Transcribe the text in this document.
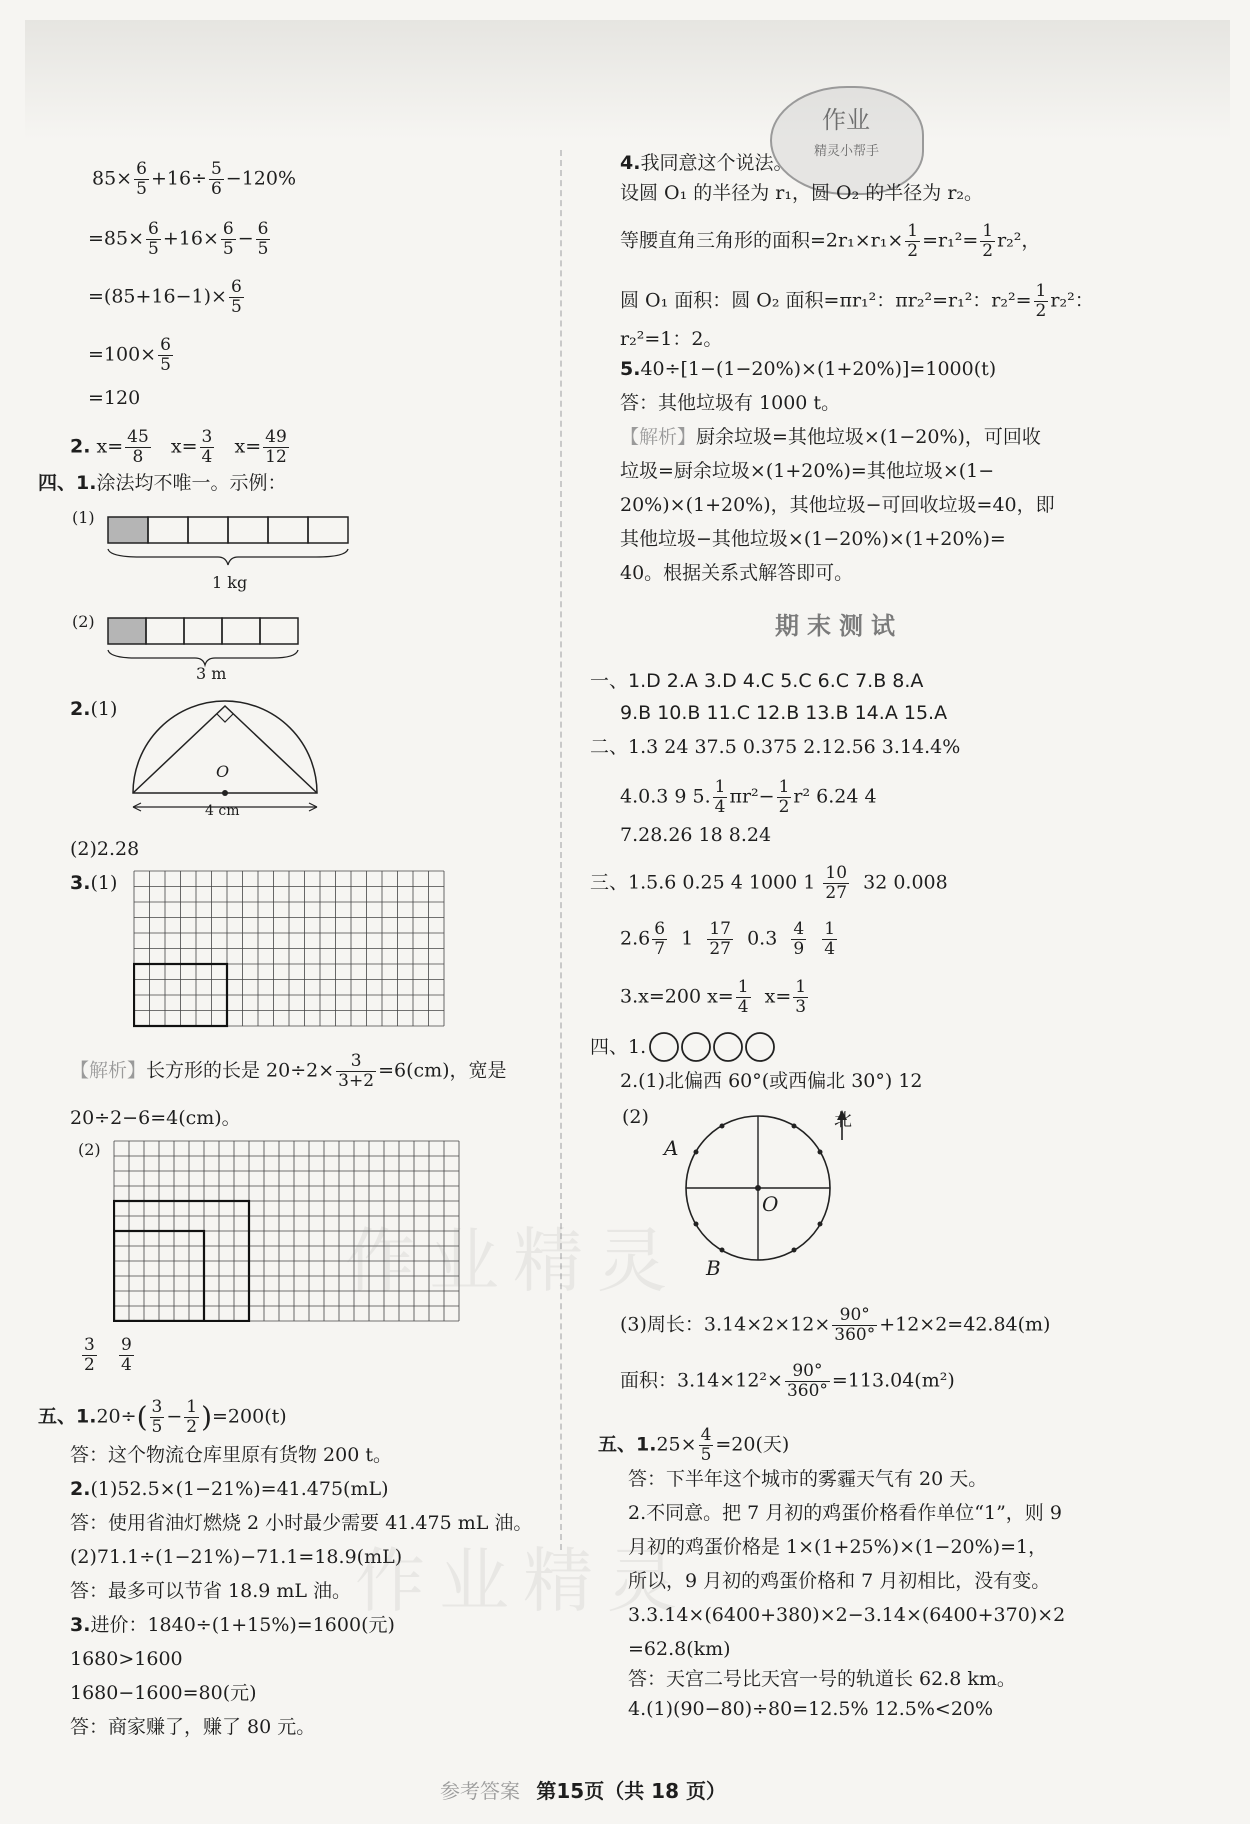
$85\times \frac{6}{5} +16\div \frac{5}{6} -120\%$
$=85\times \frac{6}{5} +16\times \frac{6}{5} - \frac{6}{5}$
$=(85+16-1)\times \frac{6}{5}$
$=100\times \frac{6}{5}$
=120
2. $x= \frac{45}{8} x= \frac{3}{4} x= \frac{49}{12}$
四、1.涂法均不唯一。示例：
(1)
1 kg
(2)
3 m
2.(1)
O
4 cm
(2)2.28
3.(1)
【解析】长方形的长是 $20\div 2\times \frac{3}{3+2} =6(cm)$，宽是
20÷2−6=4(cm)。
(2)
$\frac{3}{2}$
$\frac{9}{4}$
五、$1.20\div( \frac{3}{5} - \frac{1}{2} )=200(t)$
答：这个物流仓库里原有货物 200 t。
2.(1)52.5×(1−21%)=41.475(mL)
答：使用省油灯燃烧 2 小时最少需要 41.475 mL 油。
(2)71.1÷(1−21%)−71.1=18.9(mL)
答：最多可以节省 18.9 mL 油。
3.进价：1840÷(1+15%)=1600(元)
1680>1600
1680−1600=80(元)
答：商家赚了，赚了 80 元。
作业
精灵小帮手
4.我同意这个说法。
设圆 O₁ 的半径为 r₁，圆 O₂ 的半径为 r₂。
等腰直角三角形的面积$=2r_1\times r_1\times \frac{1}{2} =r_1^2= \frac{1}{2} r_2^2$，
圆 O₁ 面积：圆 O₂ 面积=πr₁²：πr₂²=r₁²：$r_2^2= \frac{1}{2} r_2^2$：
r₂²=1：2。
5.40÷[1−(1−20%)×(1+20%)]=1000(t)
答：其他垃圾有 1000 t。
【解析】厨余垃圾=其他垃圾×(1−20%)，可回收
垃圾=厨余垃圾×(1+20%)=其他垃圾×(1−
20%)×(1+20%)，其他垃圾−可回收垃圾=40，即
其他垃圾−其他垃圾×(1−20%)×(1+20%)=
40。根据关系式解答即可。
期末测试
一、1.D 2.A 3.D 4.C 5.C 6.C 7.B 8.A
9.B 10.B 11.C 12.B 13.B 14.A 15.A
二、1.3 24 37.5 0.375 2.12.56 3.14.4%
4.0.3 9 5. $\frac{1}{4} \pi r^2- \frac{1}{2} r^2$ 6.24 4
7.28.26 18 8.24
三、1.5.6 0.25 4 1000 $1 \frac{10}{27} 32$ 0.008
$2.6 \frac{6}{7} 1 \frac{17}{27} 0.3 \frac{4}{9}$
$\frac{1}{4}$
3.x=200 $x= \frac{1}{4} x= \frac{1}{3}$
四、1.
2.(1)北偏西 60°(或西偏北 30°) 12
(2)
A
B
O
北
(3)周长：$3.14\times 2\times 12\times \frac{90^\circ}{360^\circ} +12\times 2=42.84(m)$
面积：$3.14\times 12^2\times \frac{90^\circ}{360^\circ} =113.04(m^2)$
五、$1.25\times \frac{4}{5} =20$(天)
答：下半年这个城市的雾霾天气有 20 天。
2.不同意。把 7 月初的鸡蛋价格看作单位“1”，则 9
月初的鸡蛋价格是 1×(1+25%)×(1−20%)=1，
所以，9 月初的鸡蛋价格和 7 月初相比，没有变。
3.3.14×(6400+380)×2−3.14×(6400+370)×2
=62.8(km)
答：天宫二号比天宫一号的轨道长 62.8 km。
4.(1)(90−80)÷80=12.5% 12.5%<20%
作业精灵
作业精灵
参考答案 第15页（共 18 页）
